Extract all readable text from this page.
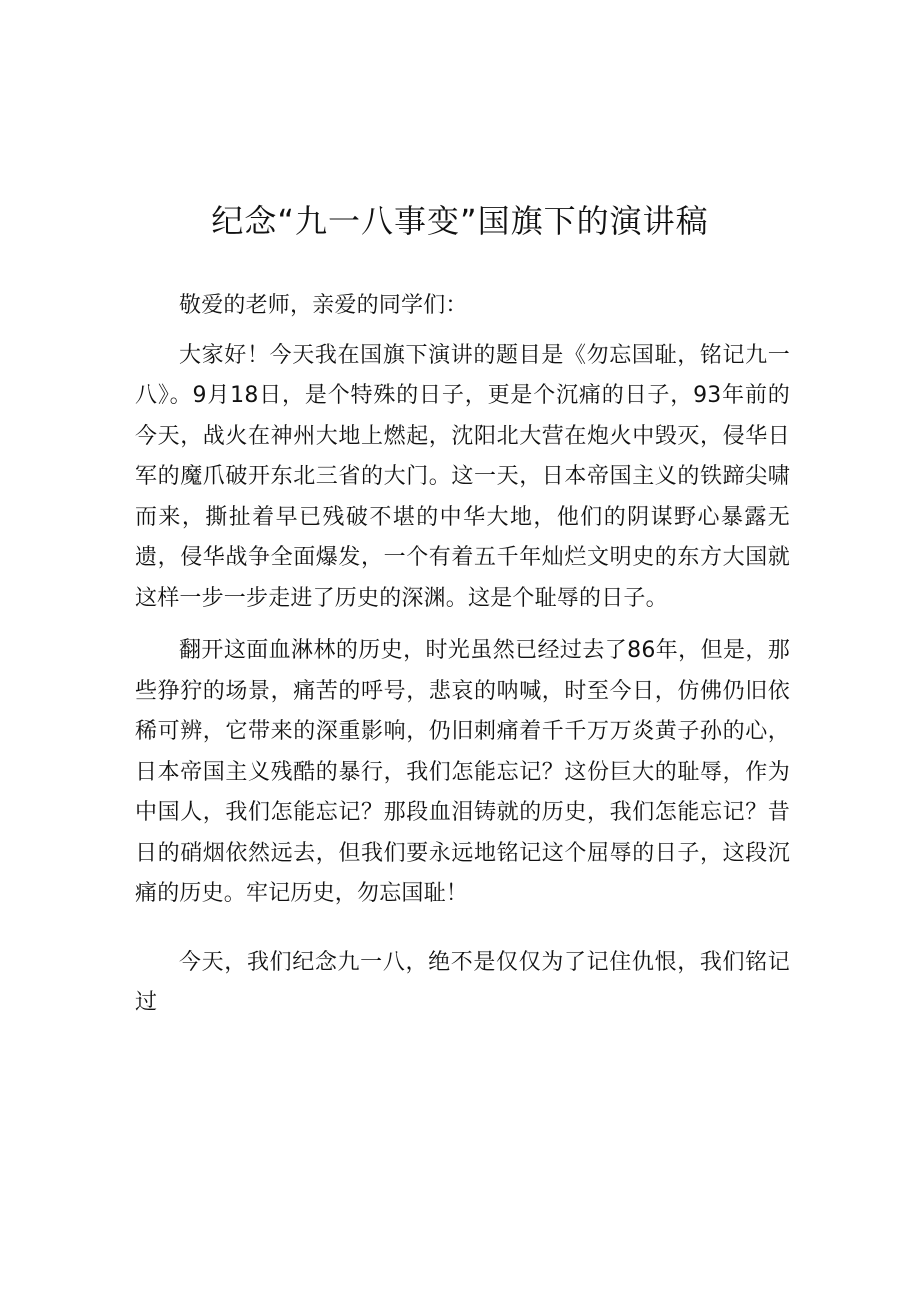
纪念“九一八事变”国旗下的演讲稿

敬爱的老师，亲爱的同学们：

大家好！今天我在国旗下演讲的题目是《勿忘国耻，铭记九一八》。9月18日，是个特殊的日子，更是个沉痛的日子，93年前的今天，战火在神州大地上燃起，沈阳北大营在炮火中毁灭，侵华日军的魔爪破开东北三省的大门。这一天，日本帝国主义的铁蹄尖啸而来，撕扯着早已残破不堪的中华大地，他们的阴谋野心暴露无遗，侵华战争全面爆发，一个有着五千年灿烂文明史的东方大国就这样一步一步走进了历史的深渊。这是个耻辱的日子。

翻开这面血淋林的历史，时光虽然已经过去了86年，但是，那些狰狞的场景，痛苦的呼号，悲哀的呐喊，时至今日，仿佛仍旧依稀可辨，它带来的深重影响，仍旧刺痛着千千万万炎黄子孙的心，日本帝国主义残酷的暴行，我们怎能忘记？这份巨大的耻辱，作为中国人，我们怎能忘记？那段血泪铸就的历史，我们怎能忘记？昔日的硝烟依然远去，但我们要永远地铭记这个屈辱的日子，这段沉痛的历史。牢记历史，勿忘国耻！

今天，我们纪念九一八，绝不是仅仅为了记住仇恨，我们铭记过
